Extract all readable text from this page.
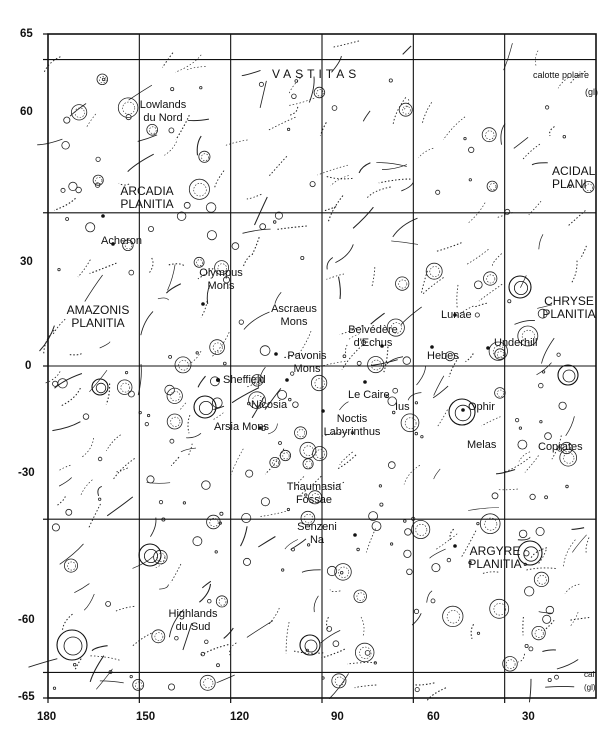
65
60
30
0
-30
-60
-65
180	150	120	90	60	30
VASTITAS	calotte polaire
(gl)
Lowlands
du Nord
ARCADIA
PLANITIA
ACIDAL
PLANI
Acheron
Olympus
Mons
AMAZONIS
PLANITIA
Ascraeus
Mons
Belvédère
d'Echus
Lunae
CHRYSE
PLANITIA
Underhill
Pavonis
Mons
Hebes
Sheffield
Nicosia
Le Caire
Ius	Ophir
Noctis
Labyrinthus
Arsia Mons
Melas	Coprates
Thaumasia
Fossae
Senzeni
Na
ARGYRE
PLANITIA
Highlands
du Sud
cal
(gl)
